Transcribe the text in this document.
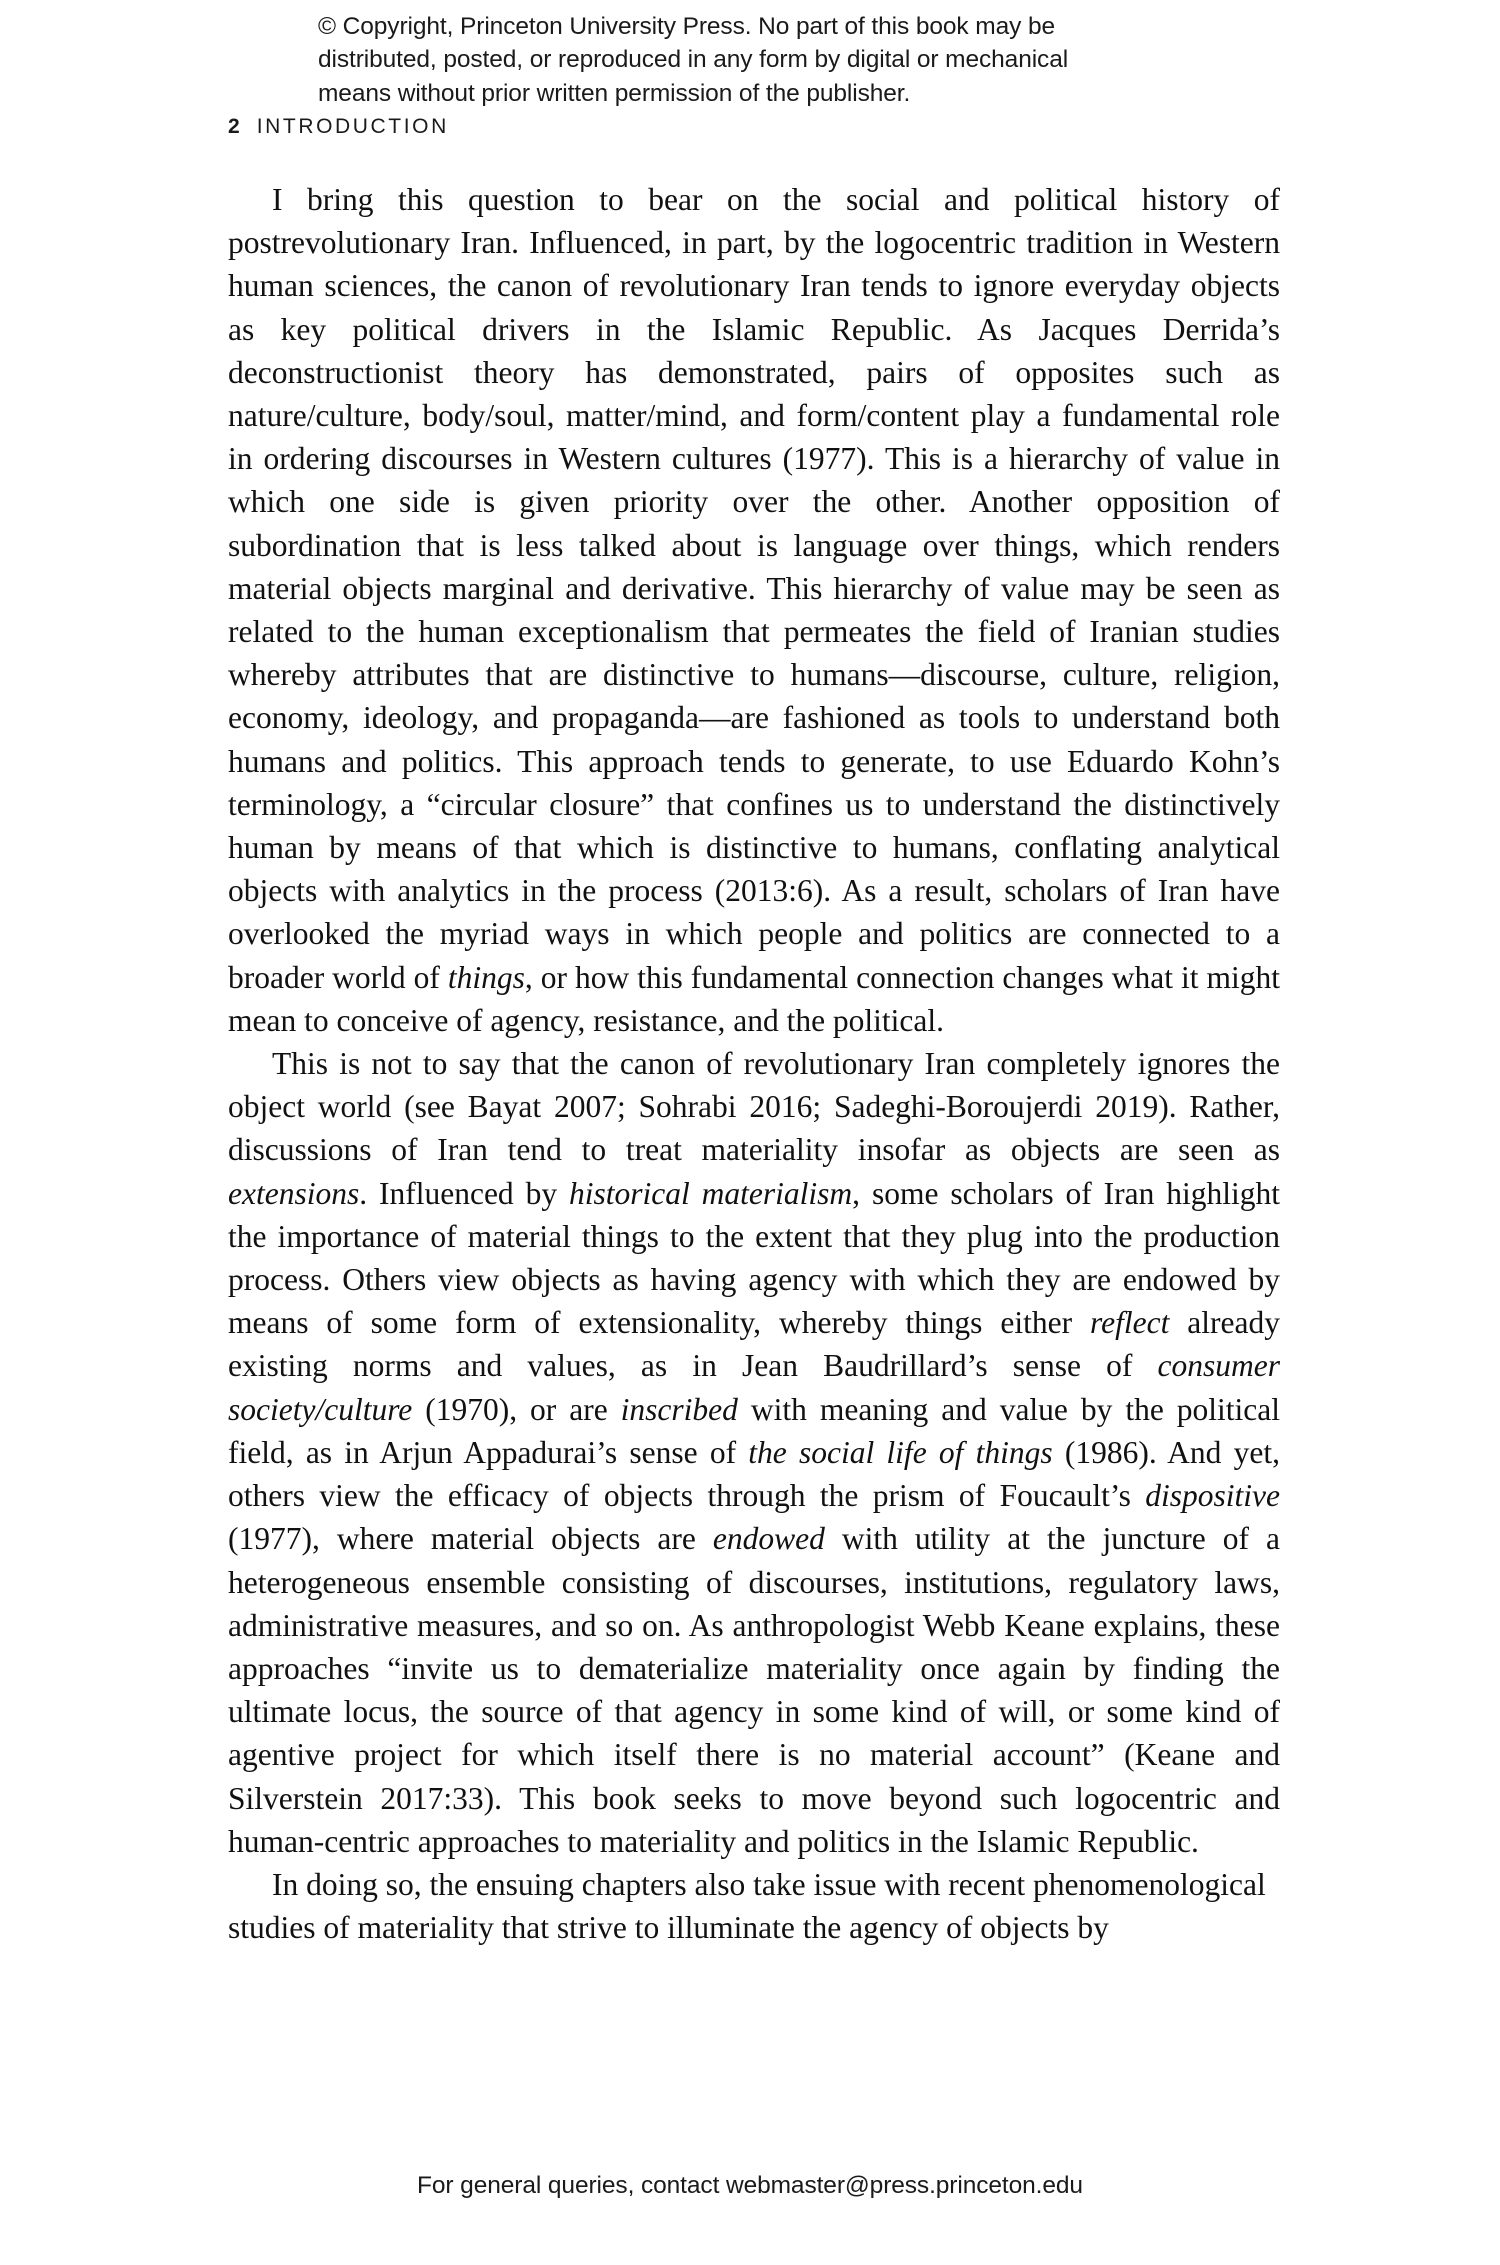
© Copyright, Princeton University Press. No part of this book may be
distributed, posted, or reproduced in any form by digital or mechanical
means without prior written permission of the publisher.
2 INTRODUCTION

I bring this question to bear on the social and political history of postrevolutionary Iran. Influenced, in part, by the logocentric tradition in Western human sciences, the canon of revolutionary Iran tends to ignore everyday objects as key political drivers in the Islamic Republic. As Jacques Derrida’s deconstructionist theory has demonstrated, pairs of opposites such as nature/culture, body/soul, matter/mind, and form/content play a fundamental role in ordering discourses in Western cultures (1977). This is a hierarchy of value in which one side is given priority over the other. Another opposition of subordination that is less talked about is language over things, which renders material objects marginal and derivative. This hierarchy of value may be seen as related to the human exceptionalism that permeates the field of Iranian studies whereby attributes that are distinctive to humans—discourse, culture, religion, economy, ideology, and propaganda—are fashioned as tools to understand both humans and politics. This approach tends to generate, to use Eduardo Kohn’s terminology, a “circular closure” that confines us to understand the distinctively human by means of that which is distinctive to humans, conflating analytical objects with analytics in the process (2013:6). As a result, scholars of Iran have overlooked the myriad ways in which people and politics are connected to a broader world of things, or how this fundamental connection changes what it might mean to conceive of agency, resistance, and the political.

This is not to say that the canon of revolutionary Iran completely ignores the object world (see Bayat 2007; Sohrabi 2016; Sadeghi-Boroujerdi 2019). Rather, discussions of Iran tend to treat materiality insofar as objects are seen as extensions. Influenced by historical materialism, some scholars of Iran highlight the importance of material things to the extent that they plug into the production process. Others view objects as having agency with which they are endowed by means of some form of extensionality, whereby things either reflect already existing norms and values, as in Jean Baudrillard’s sense of consumer society/culture (1970), or are inscribed with meaning and value by the political field, as in Arjun Appadurai’s sense of the social life of things (1986). And yet, others view the efficacy of objects through the prism of Foucault’s dispositive (1977), where material objects are endowed with utility at the juncture of a heterogeneous ensemble consisting of discourses, institutions, regulatory laws, administrative measures, and so on. As anthropologist Webb Keane explains, these approaches “invite us to dematerialize materiality once again by finding the ultimate locus, the source of that agency in some kind of will, or some kind of agentive project for which itself there is no material account” (Keane and Silverstein 2017:33). This book seeks to move beyond such logocentric and human-centric approaches to materiality and politics in the Islamic Republic.

In doing so, the ensuing chapters also take issue with recent phenomenological studies of materiality that strive to illuminate the agency of objects by

For general queries, contact webmaster@press.princeton.edu
